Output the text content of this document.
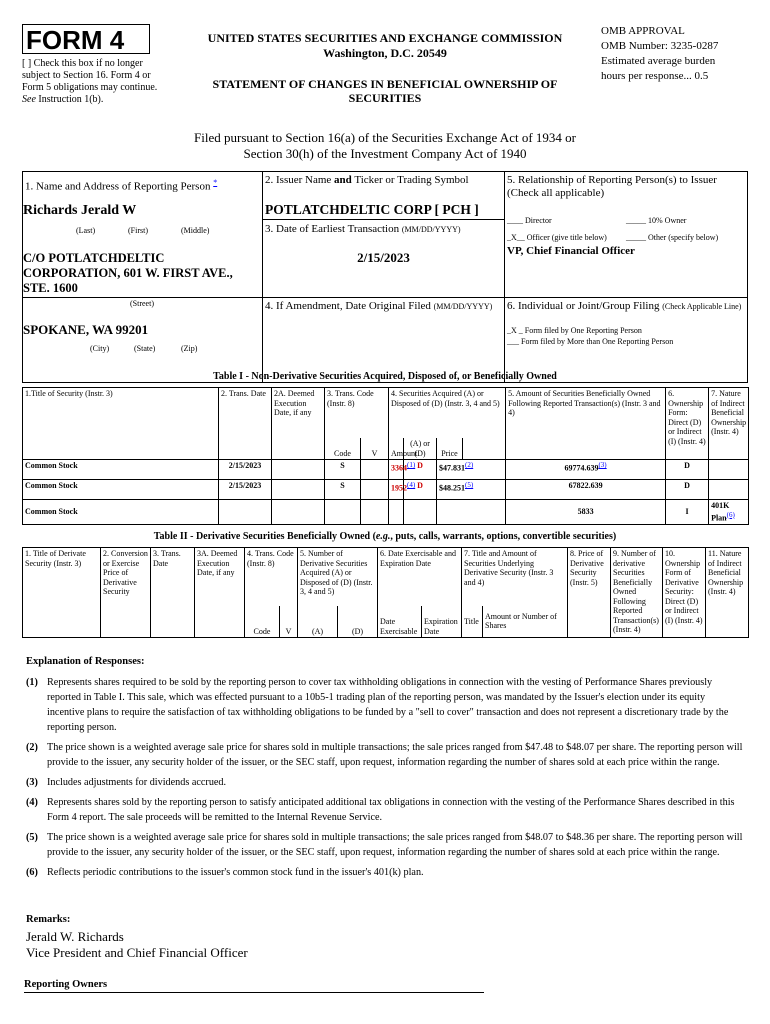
FORM 4
[ ] Check this box if no longer subject to Section 16. Form 4 or Form 5 obligations may continue. See Instruction 1(b).
UNITED STATES SECURITIES AND EXCHANGE COMMISSION
Washington, D.C. 20549
STATEMENT OF CHANGES IN BENEFICIAL OWNERSHIP OF SECURITIES
OMB APPROVAL
OMB Number: 3235-0287
Estimated average burden
hours per response... 0.5
Filed pursuant to Section 16(a) of the Securities Exchange Act of 1934 or
Section 30(h) of the Investment Company Act of 1940
1. Name and Address of Reporting Person *
Richards Jerald W
(Last)	(First)	(Middle)
C/O POTLATCHDELTIC CORPORATION, 601 W. FIRST AVE., STE. 1600
(Street)
SPOKANE, WA 99201
(City)	(State)	(Zip)
2. Issuer Name and Ticker or Trading Symbol
POTLATCHDELTIC CORP [ PCH ]
3. Date of Earliest Transaction (MM/DD/YYYY)
2/15/2023
4. If Amendment, Date Original Filed (MM/DD/YYYY)
5. Relationship of Reporting Person(s) to Issuer
(Check all applicable)
____ Director	_____ 10% Owner
_X__ Officer (give title below) _____ Other (specify below)
VP, Chief Financial Officer
6. Individual or Joint/Group Filing (Check Applicable Line)
_X _ Form filed by One Reporting Person
___ Form filed by More than One Reporting Person
Table I - Non-Derivative Securities Acquired, Disposed of, or Beneficially Owned
1.Title of Security (Instr. 3)	2. Trans. Date	2A. Deemed Execution Date, if any	3. Trans. Code (Instr. 8)		4. Securities Acquired (A) or Disposed of (D) (Instr. 3, 4 and 5)			5. Amount of Securities Beneficially Owned Following Reported Transaction(s) (Instr. 3 and 4)	6. Ownership Form: Direct (D) or Indirect (I) (Instr. 4)	7. Nature of Indirect Beneficial Ownership (Instr. 4)
			Code	V	Amount	(A) or (D)	Price			
Common Stock	2/15/2023		S		3364$^{(1)}$	D	$47.831$^{(2)}$	69774.639$^{(3)}$	D	
Common Stock	2/15/2023		S		1952$^{(4)}$	D	$48.251$^{(5)}$	67822.639	D	
Common Stock								5833	I	401K Plan$^{(6)}$
Table II - Derivative Securities Beneficially Owned (e.g., puts, calls, warrants, options, convertible securities)
1. Title of Derivate Security (Instr. 3)	2. Conversion or Exercise Price of Derivative Security	3. Trans. Date	3A. Deemed Execution Date, if any	4. Trans. Code (Instr. 8)		5. Number of Derivative Securities Acquired (A) or Disposed of (D) (Instr. 3, 4 and 5)		6. Date Exercisable and Expiration Date		7. Title and Amount of Securities Underlying Derivative Security (Instr. 3 and 4)		8. Price of Derivative Security (Instr. 5)	9. Number of derivative Securities Beneficially Owned Following Reported Transaction(s) (Instr. 4)	10. Ownership Form of Derivative Security: Direct (D) or Indirect (I) (Instr. 4)	11. Nature of Indirect Beneficial Ownership (Instr. 4)
				Code	V	(A)	(D)	Date Exercisable	Expiration Date	Title	Amount or Number of Shares				
Explanation of Responses:
(1) Represents shares required to be sold by the reporting person to cover tax withholding obligations in connection with the vesting of Performance Shares previously reported in Table I. This sale, which was effected pursuant to a 10b5-1 trading plan of the reporting person, was mandated by the Issuer's election under its equity incentive plans to require the satisfaction of tax withholding obligations to be funded by a "sell to cover" transaction and does not represent a discretionary trade by the reporting person.
(2) The price shown is a weighted average sale price for shares sold in multiple transactions; the sale prices ranged from $47.48 to $48.07 per share. The reporting person will provide to the issuer, any security holder of the issuer, or the SEC staff, upon request, information regarding the number of shares sold at each price within the range.
(3) Includes adjustments for dividends accrued.
(4) Represents shares sold by the reporting person to satisfy anticipated additional tax obligations in connection with the vesting of the Performance Shares described in this Form 4 report. The sale proceeds will be remitted to the Internal Revenue Service.
(5) The price shown is a weighted average sale price for shares sold in multiple transactions; the sale prices ranged from $48.07 to $48.36 per share. The reporting person will provide to the issuer, any security holder of the issuer, or the SEC staff, upon request, information regarding the number of shares sold at each price within the range.
(6) Reflects periodic contributions to the issuer's common stock fund in the issuer's 401(k) plan.
Remarks:
Jerald W. Richards
Vice President and Chief Financial Officer
Reporting Owners
